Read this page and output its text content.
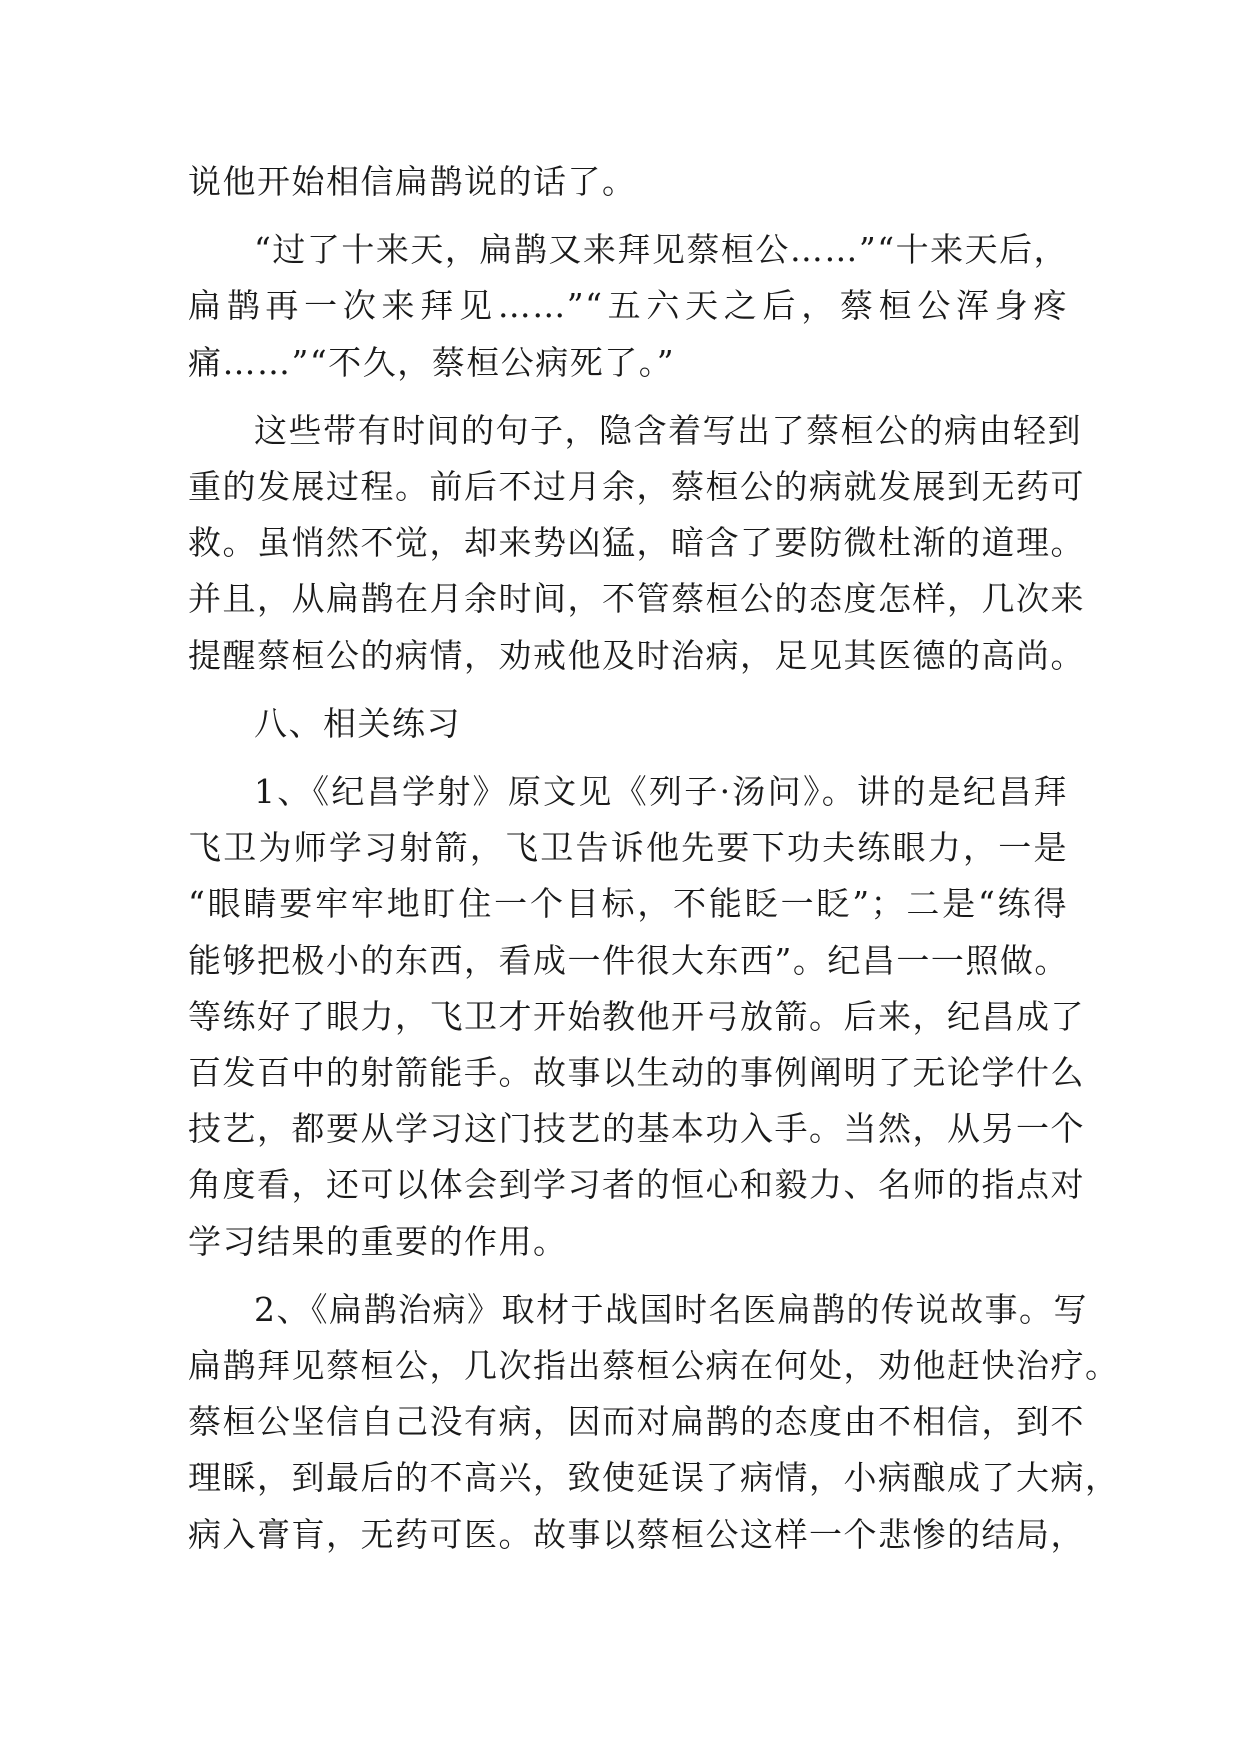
说他开始相信扁鹊说的话了。

“过了十来天，扁鹊又来拜见蔡桓公……”“十来天后，
扁鹊再一次来拜见……”“五六天之后，蔡桓公浑身疼
痛……”“不久，蔡桓公病死了。”

这些带有时间的句子，隐含着写出了蔡桓公的病由轻到
重的发展过程。前后不过月余，蔡桓公的病就发展到无药可
救。虽悄然不觉，却来势凶猛，暗含了要防微杜渐的道理。
并且，从扁鹊在月余时间，不管蔡桓公的态度怎样，几次来
提醒蔡桓公的病情，劝戒他及时治病，足见其医德的高尚。

八、相关练习

1、《纪昌学射》原文见《列子·汤问》。讲的是纪昌拜
飞卫为师学习射箭，飞卫告诉他先要下功夫练眼力，一是
“眼睛要牢牢地盯住一个目标，不能眨一眨”；二是“练得
能够把极小的东西，看成一件很大东西”。纪昌一一照做。
等练好了眼力，飞卫才开始教他开弓放箭。后来，纪昌成了
百发百中的射箭能手。故事以生动的事例阐明了无论学什么
技艺，都要从学习这门技艺的基本功入手。当然，从另一个
角度看，还可以体会到学习者的恒心和毅力、名师的指点对
学习结果的重要的作用。

2、《扁鹊治病》取材于战国时名医扁鹊的传说故事。写
扁鹊拜见蔡桓公，几次指出蔡桓公病在何处，劝他赶快治疗。
蔡桓公坚信自己没有病，因而对扁鹊的态度由不相信，到不
理睬，到最后的不高兴，致使延误了病情，小病酿成了大病，
病入膏肓，无药可医。故事以蔡桓公这样一个悲惨的结局，
